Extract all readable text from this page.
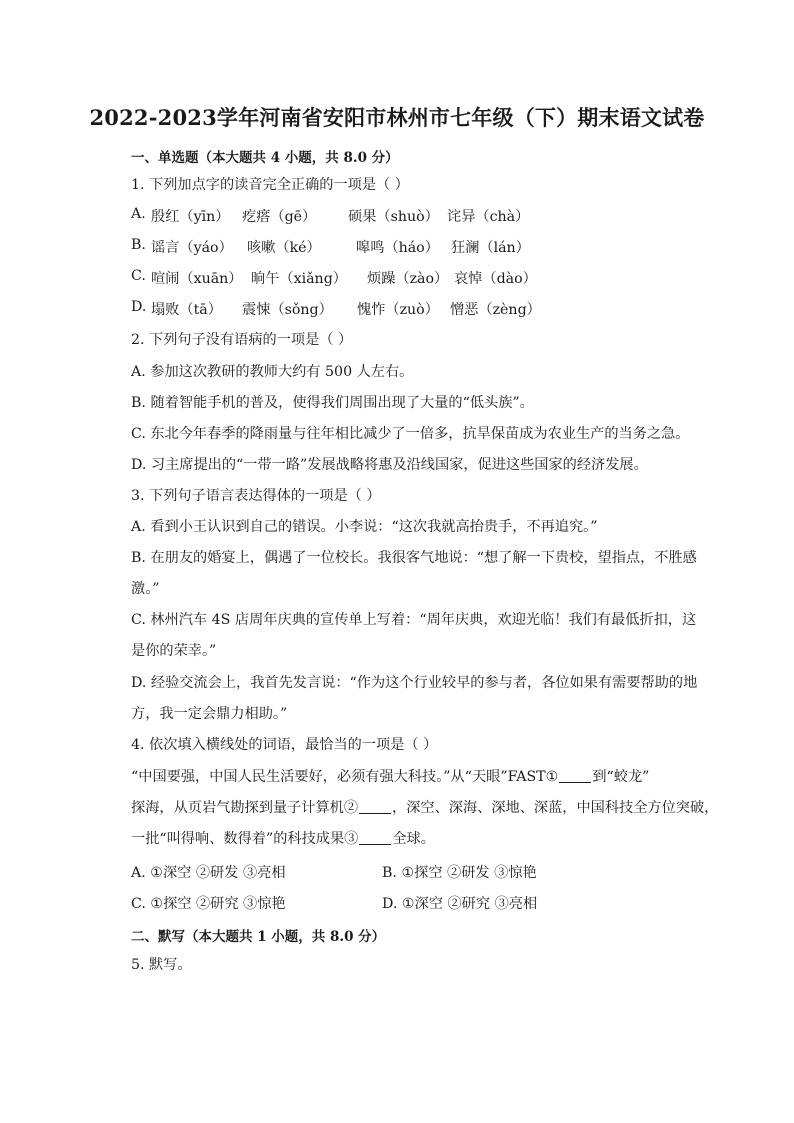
2022-2023学年河南省安阳市林州市七年级（下）期末语文试卷
一、单选题（本大题共 4 小题，共 8.0 分）
1. 下列加点字的读音完全正确的一项是（ ）
A. 殷红（yīn） 疙瘩（gē） 硕果（shuò） 诧异（chà）
B. 谣言（yáo） 咳嗽（ké） 嗥鸣（háo） 狂澜（lán）
C. 喧闹（xuān） 晌午（xiǎng） 烦躁（zào） 哀悼（dào）
D. 塌败（tā） 震悚（sǒng） 愧怍（zuò） 憎恶（zèng）
2. 下列句子没有语病的一项是（ ）
A. 参加这次教研的教师大约有 500 人左右。
B. 随着智能手机的普及，使得我们周围出现了大量的“低头族”。
C. 东北今年春季的降雨量与往年相比减少了一倍多，抗旱保苗成为农业生产的当务之急。
D. 习主席提出的“一带一路”发展战略将惠及沿线国家，促进这些国家的经济发展。
3. 下列句子语言表达得体的一项是（ ）
A. 看到小王认识到自己的错误。小李说：“这次我就高抬贵手，不再追究。”
B. 在朋友的婚宴上，偶遇了一位校长。我很客气地说：“想了解一下贵校，望指点，不胜感
激。”
C. 林州汽车 4S 店周年庆典的宣传单上写着：“周年庆典，欢迎光临！我们有最低折扣，这
是你的荣幸。”
D. 经验交流会上，我首先发言说：“作为这个行业较早的参与者，各位如果有需要帮助的地
方，我一定会鼎力相助。”
4. 依次填入横线处的词语，最恰当的一项是（ ）
“中国要强，中国人民生活要好，必须有强大科技。”从“天眼”FAST① 到“蛟龙”
探海，从页岩气勘探到量子计算机② ，深空、深海、深地、深蓝，中国科技全方位突破，
一批“叫得响、数得着”的科技成果③ 全球。
A. ①深空 ②研发 ③亮相	B. ①探空 ②研发 ③惊艳
C. ①探空 ②研究 ③惊艳	D. ①深空 ②研究 ③亮相
二、默写（本大题共 1 小题，共 8.0 分）
5. 默写。
